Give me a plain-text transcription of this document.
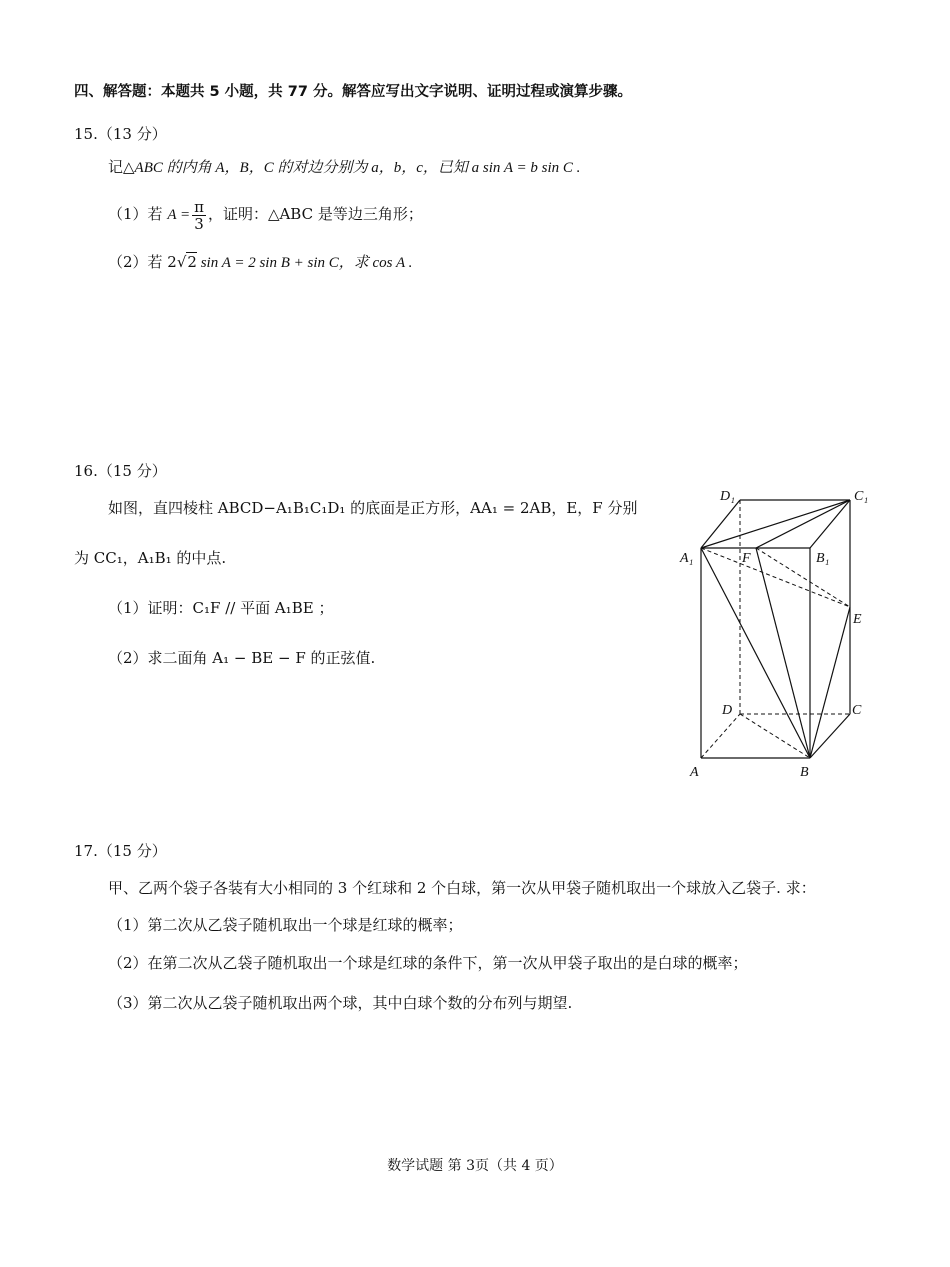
四、解答题：本题共 5 小题，共 77 分。解答应写出文字说明、证明过程或演算步骤。
15.（13 分）
记△ABC 的内角 A，B，C 的对边分别为 a，b，c，已知 a sin A = b sin C .
（1）若 $A = \frac{\pi}{3}$ ，证明：△ABC 是等边三角形；
（2）若 2√2 sin A = 2 sin B + sin C，求 cos A .
16.（15 分）
如图，直四棱柱 ABCD−A₁B₁C₁D₁ 的底面是正方形，AA₁ = 2AB，E，F 分别
为 CC₁，A₁B₁ 的中点.
（1）证明：C₁F // 平面 A₁BE ；
（2）求二面角 A₁ − BE − F 的正弦值.
D₁	C₁
A₁	F	B₁
E
D	C
A	B
17.（15 分）
甲、乙两个袋子各装有大小相同的 3 个红球和 2 个白球，第一次从甲袋子随机取出一个球放入乙袋子. 求：
（1）第二次从乙袋子随机取出一个球是红球的概率；
（2）在第二次从乙袋子随机取出一个球是红球的条件下，第一次从甲袋子取出的是白球的概率；
（3）第二次从乙袋子随机取出两个球，其中白球个数的分布列与期望.
数学试题 第 3页（共 4 页）
